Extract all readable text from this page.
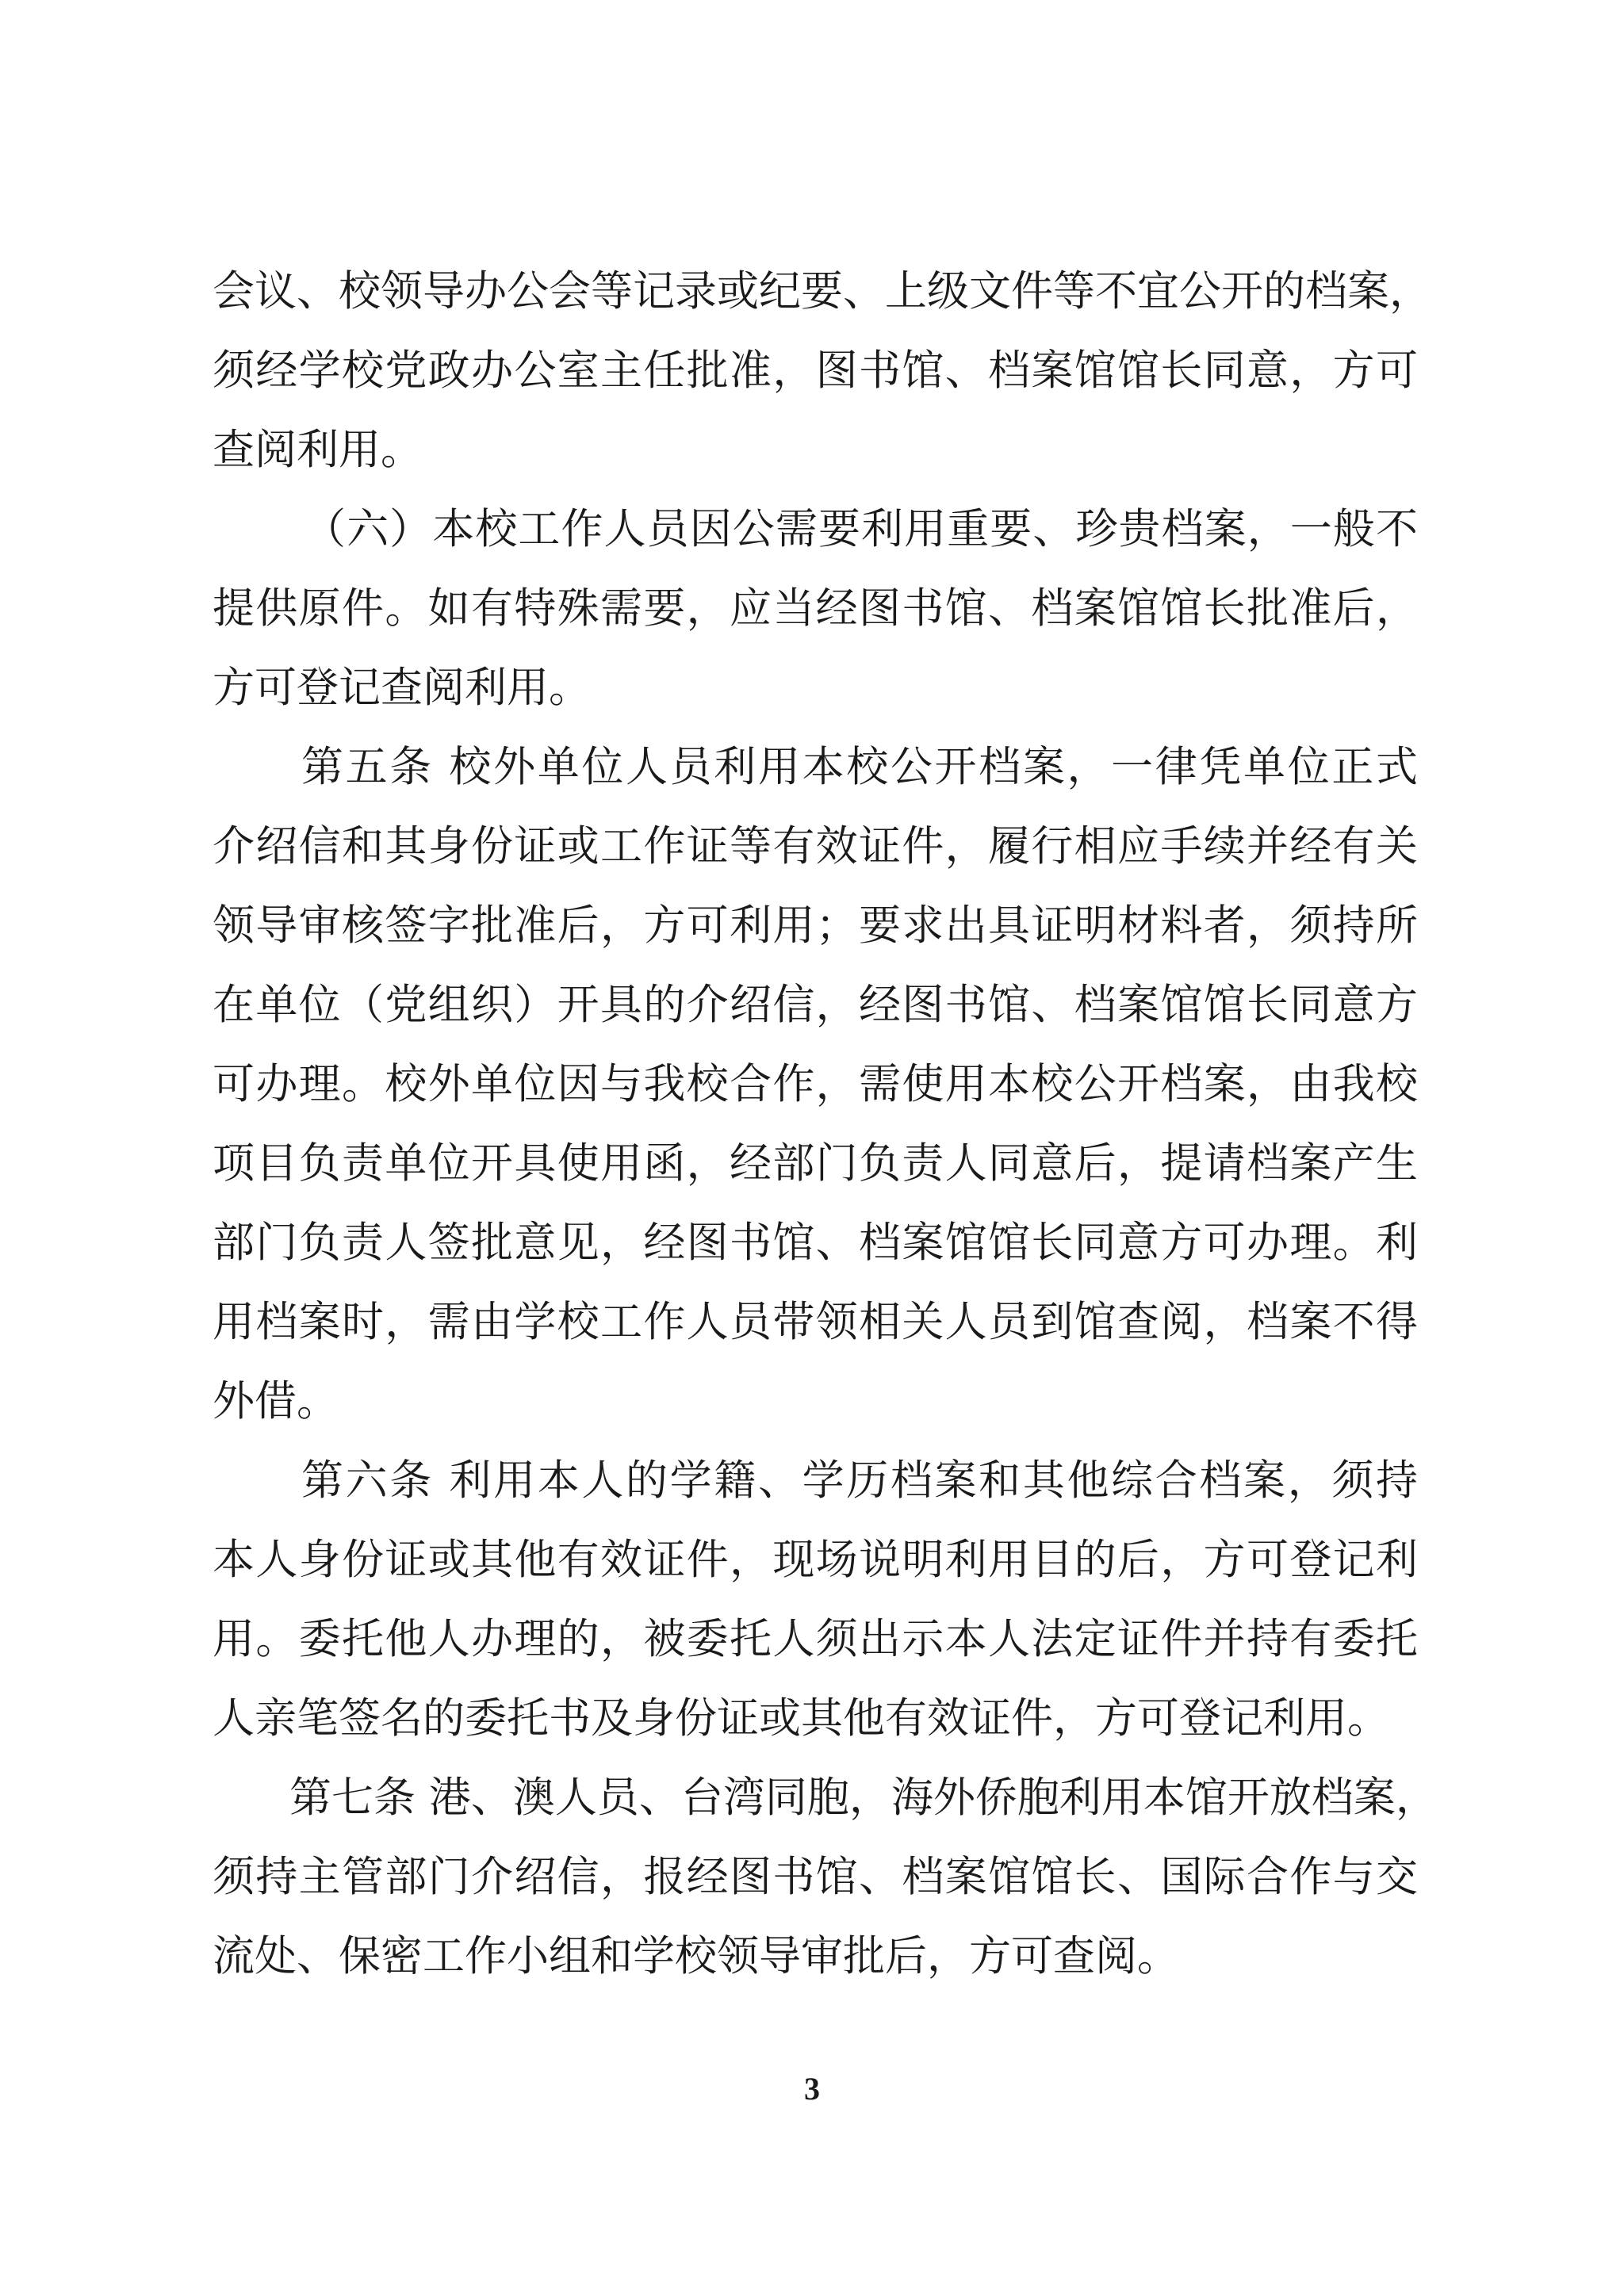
会议、校领导办公会等记录或纪要、上级文件等不宜公开的档案，

须经学校党政办公室主任批准，图书馆、档案馆馆长同意，方可

查阅利用。

（六）本校工作人员因公需要利用重要、珍贵档案，一般不

提供原件。如有特殊需要，应当经图书馆、档案馆馆长批准后，

方可登记查阅利用。

第五条 校外单位人员利用本校公开档案，一律凭单位正式

介绍信和其身份证或工作证等有效证件，履行相应手续并经有关

领导审核签字批准后，方可利用；要求出具证明材料者，须持所

在单位（党组织）开具的介绍信，经图书馆、档案馆馆长同意方

可办理。校外单位因与我校合作，需使用本校公开档案，由我校

项目负责单位开具使用函，经部门负责人同意后，提请档案产生

部门负责人签批意见，经图书馆、档案馆馆长同意方可办理。利

用档案时，需由学校工作人员带领相关人员到馆查阅，档案不得

外借。

第六条 利用本人的学籍、学历档案和其他综合档案，须持

本人身份证或其他有效证件，现场说明利用目的后，方可登记利

用。委托他人办理的，被委托人须出示本人法定证件并持有委托

人亲笔签名的委托书及身份证或其他有效证件，方可登记利用。

第七条 港、澳人员、台湾同胞，海外侨胞利用本馆开放档案，

须持主管部门介绍信，报经图书馆、档案馆馆长、国际合作与交

流处、保密工作小组和学校领导审批后，方可查阅。

3
